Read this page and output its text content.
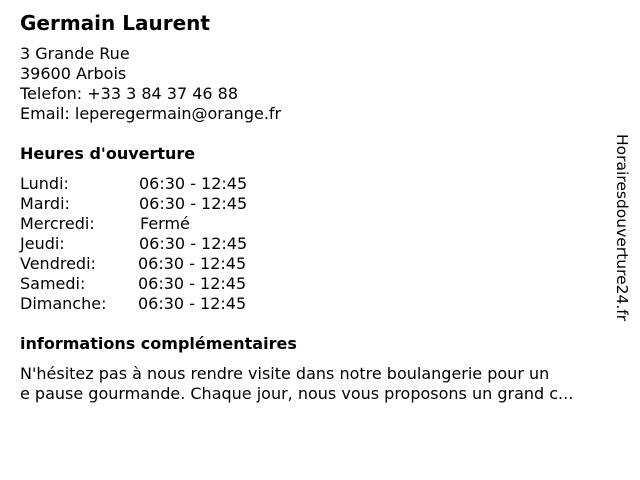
Germain Laurent
3 Grande Rue
39600 Arbois
Telefon: +33 3 84 37 46 88
Email: leperegermain@orange.fr
Heures d'ouverture
Lundi:	06:30 - 12:45
Mardi:	06:30 - 12:45
Mercredi:	Fermé
Jeudi:	06:30 - 12:45
Vendredi:	06:30 - 12:45
Samedi:	06:30 - 12:45
Dimanche: 06:30 - 12:45
informations complémentaires
N'hésitez pas à nous rendre visite dans notre boulangerie pour un
e pause gourmande. Chaque jour, nous vous proposons un grand c...
Horairesdouverture24.fr
